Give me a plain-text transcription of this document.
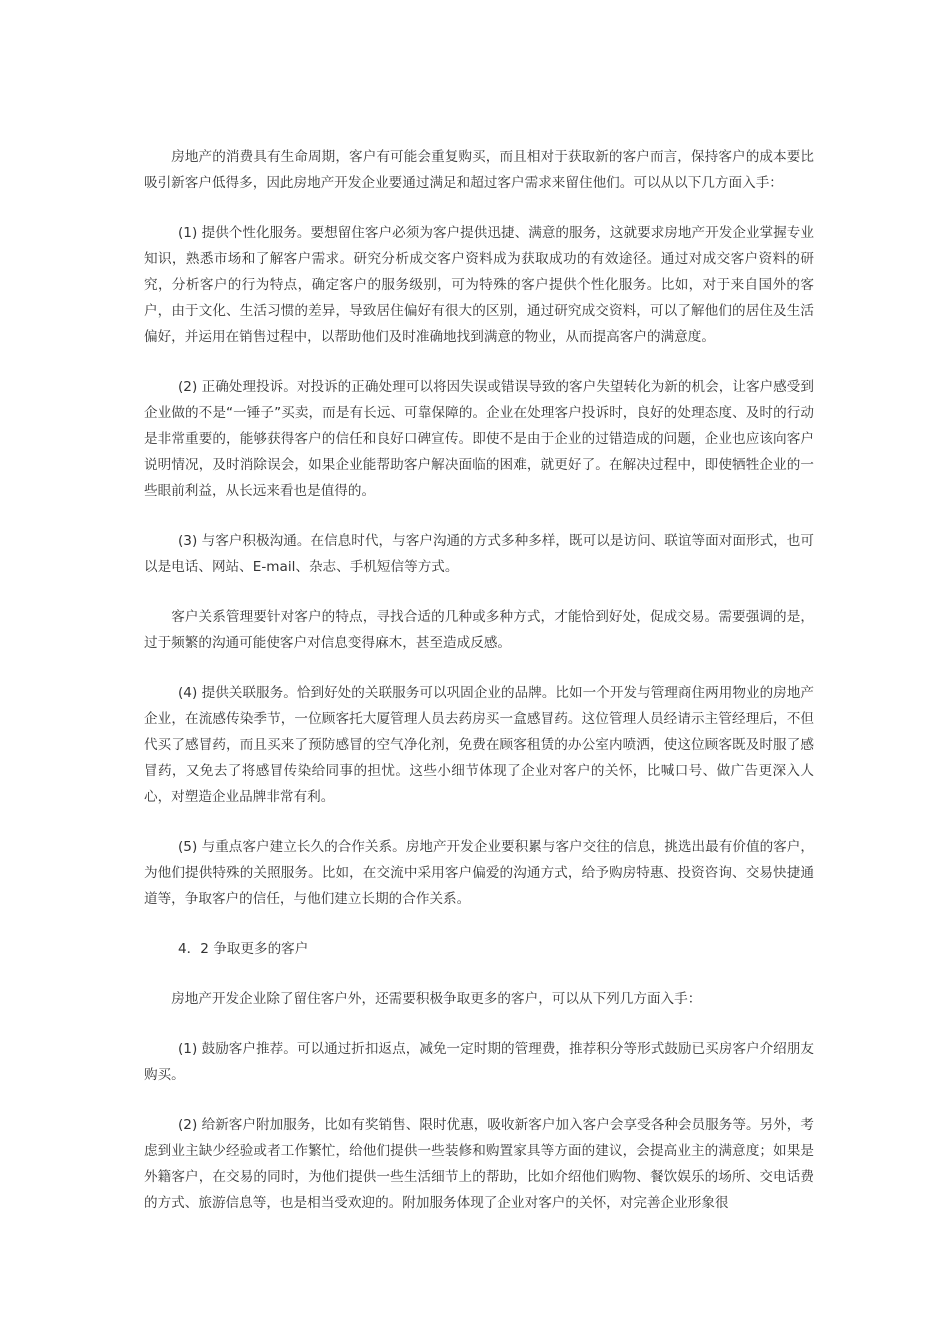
房地产的消费具有生命周期，客户有可能会重复购买，而且相对于获取新的客户而言，保持客户的成本要比吸引新客户低得多，因此房地产开发企业要通过满足和超过客户需求来留住他们。可以从以下几方面入手：

(1) 提供个性化服务。要想留住客户必须为客户提供迅捷、满意的服务，这就要求房地产开发企业掌握专业知识，熟悉市场和了解客户需求。研究分析成交客户资料成为获取成功的有效途径。通过对成交客户资料的研究，分析客户的行为特点，确定客户的服务级别，可为特殊的客户提供个性化服务。比如，对于来自国外的客户，由于文化、生活习惯的差异，导致居住偏好有很大的区别，通过研究成交资料，可以了解他们的居住及生活偏好，并运用在销售过程中，以帮助他们及时准确地找到满意的物业，从而提高客户的满意度。

(2) 正确处理投诉。对投诉的正确处理可以将因失误或错误导致的客户失望转化为新的机会，让客户感受到企业做的不是“一锤子”买卖，而是有长远、可靠保障的。企业在处理客户投诉时，良好的处理态度、及时的行动是非常重要的，能够获得客户的信任和良好口碑宣传。即使不是由于企业的过错造成的问题，企业也应该向客户说明情况，及时消除误会，如果企业能帮助客户解决面临的困难，就更好了。在解决过程中，即使牺牲企业的一些眼前利益，从长远来看也是值得的。

(3) 与客户积极沟通。在信息时代，与客户沟通的方式多种多样，既可以是访问、联谊等面对面形式，也可以是电话、网站、E-mail、杂志、手机短信等方式。

客户关系管理要针对客户的特点，寻找合适的几种或多种方式，才能恰到好处，促成交易。需要强调的是，过于频繁的沟通可能使客户对信息变得麻木，甚至造成反感。

(4) 提供关联服务。恰到好处的关联服务可以巩固企业的品牌。比如一个开发与管理商住两用物业的房地产企业，在流感传染季节，一位顾客托大厦管理人员去药房买一盒感冒药。这位管理人员经请示主管经理后，不但代买了感冒药，而且买来了预防感冒的空气净化剂，免费在顾客租赁的办公室内喷洒，使这位顾客既及时服了感冒药，又免去了将感冒传染给同事的担忧。这些小细节体现了企业对客户的关怀，比喊口号、做广告更深入人心，对塑造企业品牌非常有利。

(5) 与重点客户建立长久的合作关系。房地产开发企业要积累与客户交往的信息，挑选出最有价值的客户，为他们提供特殊的关照服务。比如，在交流中采用客户偏爱的沟通方式，给予购房特惠、投资咨询、交易快捷通道等，争取客户的信任，与他们建立长期的合作关系。

4．2 争取更多的客户

房地产开发企业除了留住客户外，还需要积极争取更多的客户，可以从下列几方面入手：

(1) 鼓励客户推荐。可以通过折扣返点，减免一定时期的管理费，推荐积分等形式鼓励已买房客户介绍朋友购买。

(2) 给新客户附加服务，比如有奖销售、限时优惠，吸收新客户加入客户会享受各种会员服务等。另外，考虑到业主缺少经验或者工作繁忙，给他们提供一些装修和购置家具等方面的建议，会提高业主的满意度；如果是外籍客户，在交易的同时，为他们提供一些生活细节上的帮助，比如介绍他们购物、餐饮娱乐的场所、交电话费的方式、旅游信息等，也是相当受欢迎的。附加服务体现了企业对客户的关怀，对完善企业形象很
